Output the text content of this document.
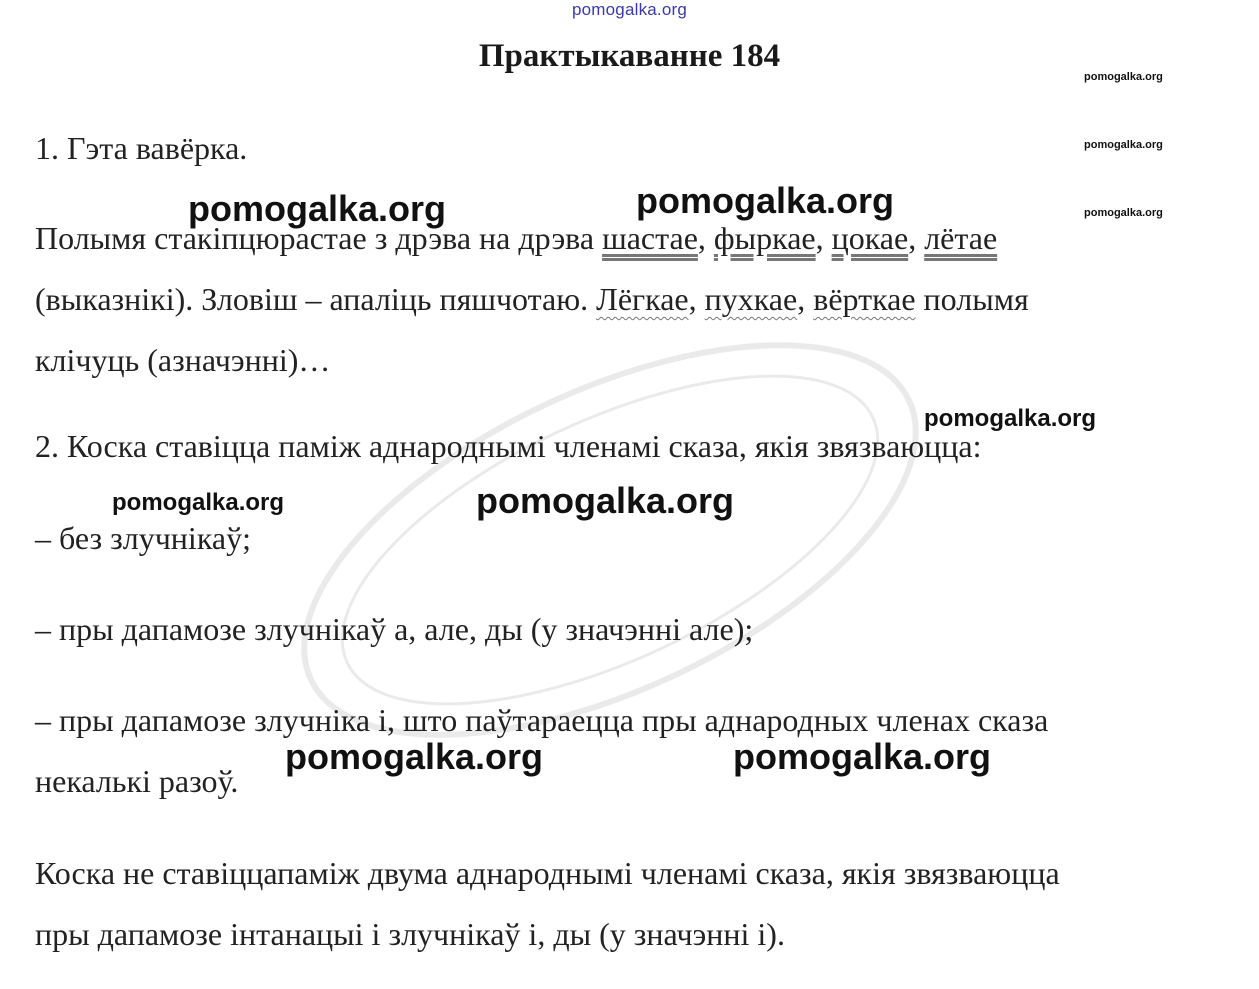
pomogalka.org
Практыкаванне 184
1. Гэта вавёрка.
Полымя стакіпцюрастае з дрэва на дрэва шастае, фыркае, цокае, лётае
(выказнікі). Зловіш – апаліць пяшчотаю. Лёгкае, пухкае, вёрткае полымя
клічуць (азначэнні)…
2. Коска ставіцца паміж аднароднымі членамі сказа, якія звязваюцца:
– без злучнікаў;
– пры дапамозе злучнікаў а, але, ды (у значэнні але);
– пры дапамозе злучніка і, што паўтараецца пры аднародных членах сказа
некалькі разоў.
Коска не ставіццапаміж двума аднароднымі членамі сказа, якія звязваюцца
пры дапамозе інтанацыі і злучнікаў і, ды (у значэнні і).
pomogalka.org
pomogalka.org
pomogalka.org
pomogalka.org	pomogalka.org
pomogalka.org
pomogalka.org	pomogalka.org
pomogalka.org
pomogalka.org
